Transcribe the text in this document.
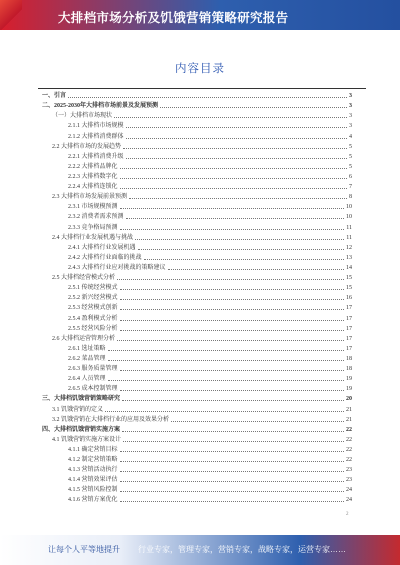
大排档市场分析及饥饿营销策略研究报告
内容目录
一、引言	3
二、2025-2030年大排档市场前景及发展预测	3
（一）大排档市场现状	3
2.1.1 大排档市场规模	3
2.1.2 大排档消费群体	4
2.2 大排档市场的发展趋势	5
2.2.1 大排档消费升级	5
2.2.2 大排档品牌化	5
2.2.3 大排档数字化	6
2.2.4 大排档连锁化	7
2.3 大排档市场发展前景预测	8
2.3.1 市场规模预测	10
2.3.2 消费者需求预测	10
2.3.3 竞争格局预测	11
2.4 大排档行业发展机遇与挑战	11
2.4.1 大排档行业发展机遇	12
2.4.2 大排档行业面临的挑战	13
2.4.3 大排档行业应对挑战的策略建议	14
2.5 大排档经营模式分析	15
2.5.1 传统经营模式	15
2.5.2 新兴经营模式	16
2.5.3 经营模式创新	17
2.5.4 盈利模式分析	17
2.5.5 经营风险分析	17
2.6 大排档运营管理分析	17
2.6.1 选址策略	17
2.6.2 菜品管理	18
2.6.3 服务质量管理	18
2.6.4 人员管理	19
2.6.5 成本控制管理	19
三、大排档饥饿营销策略研究	20
3.1 饥饿营销的定义	21
3.2 饥饿营销在大排档行业的应用及效果分析	21
四、大排档饥饿营销实施方案	22
4.1 饥饿营销实施方案设计	22
4.1.1 确定营销目标	22
4.1.2 制定营销策略	22
4.1.3 营销活动执行	23
4.1.4 营销效果评估	23
4.1.5 营销风险控制	24
4.1.6 营销方案优化	24
2
让每个人平等地提升 行业专家，管理专家，营销专家，战略专家，运营专家……
